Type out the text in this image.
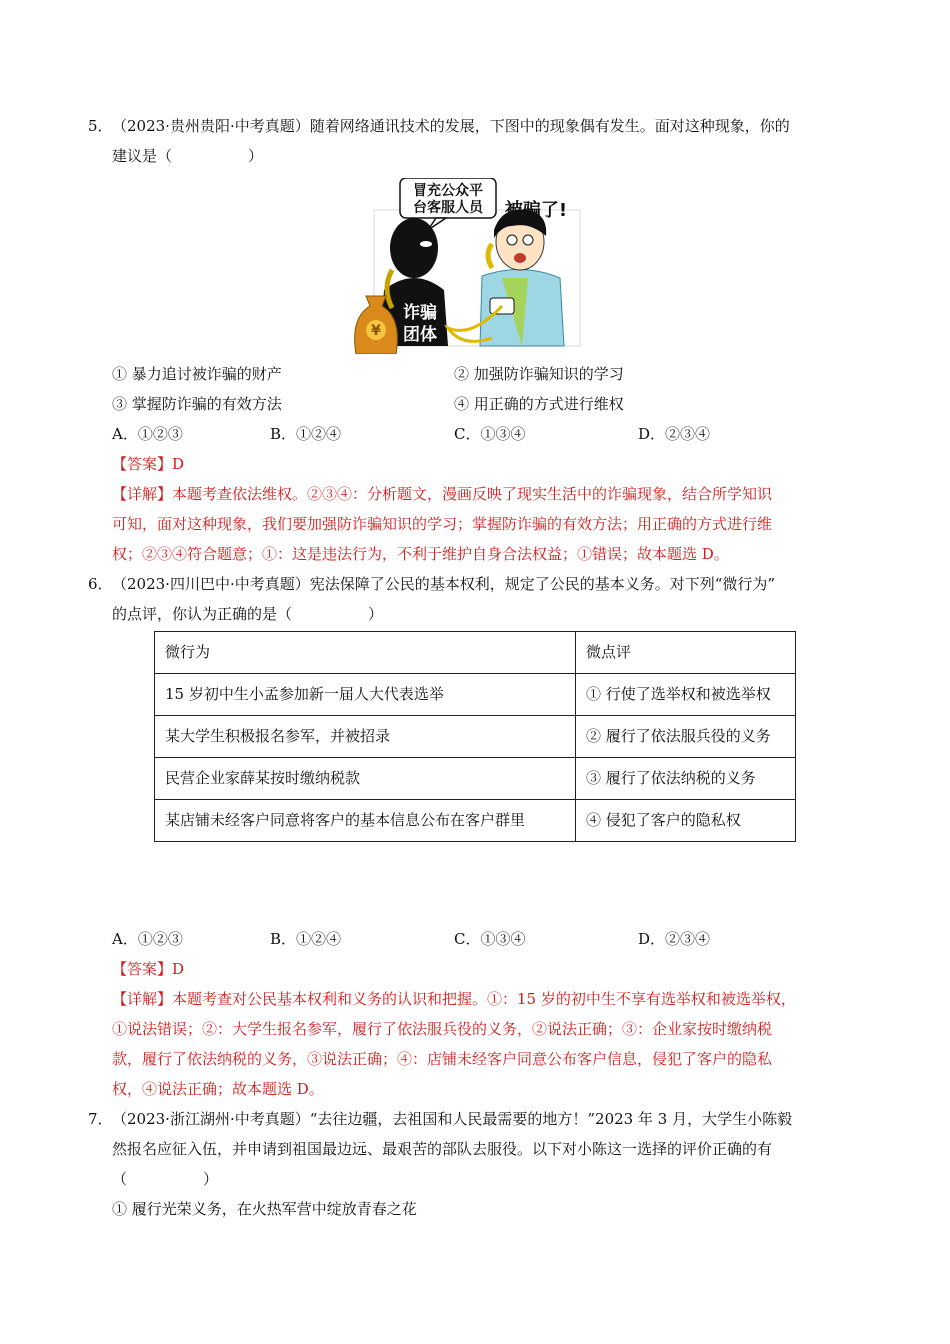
5．（2023·贵州贵阳·中考真题）随着网络通讯技术的发展，下图中的现象偶有发生。面对这种现象，你的
建议是（	）
冒充公众平
台客服人员 被骗了!
¥
诈骗
团体
① 暴力追讨被诈骗的财产	② 加强防诈骗知识的学习
③ 掌握防诈骗的有效方法	④ 用正确的方式进行维权
A．①②③	B．①②④	C．①③④	D．②③④
【答案】D
【详解】本题考查依法维权。②③④：分析题文，漫画反映了现实生活中的诈骗现象，结合所学知识
可知，面对这种现象，我们要加强防诈骗知识的学习；掌握防诈骗的有效方法；用正确的方式进行维
权；②③④符合题意；①：这是违法行为，不利于维护自身合法权益；①错误；故本题选 D。
6．（2023·四川巴中·中考真题）宪法保障了公民的基本权利，规定了公民的基本义务。对下列“微行为”
的点评，你认为正确的是（	）
微行为	微点评
15 岁初中生小孟参加新一届人大代表选举	① 行使了选举权和被选举权
某大学生积极报名参军，并被招录	② 履行了依法服兵役的义务
民营企业家薛某按时缴纳税款	③ 履行了依法纳税的义务
某店铺未经客户同意将客户的基本信息公布在客户群里	④ 侵犯了客户的隐私权
A．①②③	B．①②④	C．①③④	D．②③④
【答案】D
【详解】本题考查对公民基本权利和义务的认识和把握。①：15 岁的初中生不享有选举权和被选举权，
①说法错误；②：大学生报名参军，履行了依法服兵役的义务，②说法正确；③：企业家按时缴纳税
款，履行了依法纳税的义务，③说法正确；④：店铺未经客户同意公布客户信息，侵犯了客户的隐私
权，④说法正确；故本题选 D。
7．（2023·浙江湖州·中考真题）“去往边疆，去祖国和人民最需要的地方！”2023 年 3 月，大学生小陈毅
然报名应征入伍，并申请到祖国最边远、最艰苦的部队去服役。以下对小陈这一选择的评价正确的有
（	）
① 履行光荣义务，在火热军营中绽放青春之花
